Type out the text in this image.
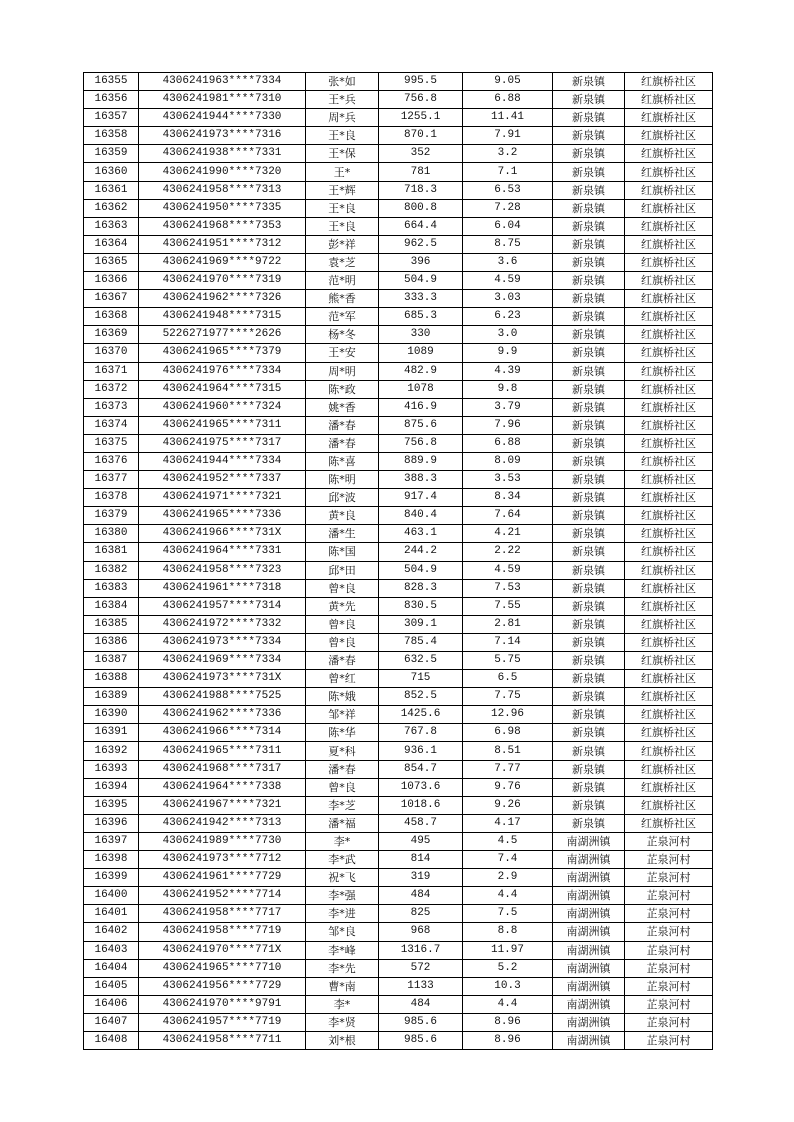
16355	4306241963****7334	张*如	995.5	9.05	新泉镇	红旗桥社区
16356	4306241981****7310	王*兵	756.8	6.88	新泉镇	红旗桥社区
16357	4306241944****7330	周*兵	1255.1	11.41	新泉镇	红旗桥社区
16358	4306241973****7316	王*良	870.1	7.91	新泉镇	红旗桥社区
16359	4306241938****7331	王*保	352	3.2	新泉镇	红旗桥社区
16360	4306241990****7320	王*	781	7.1	新泉镇	红旗桥社区
16361	4306241958****7313	王*辉	718.3	6.53	新泉镇	红旗桥社区
16362	4306241950****7335	王*良	800.8	7.28	新泉镇	红旗桥社区
16363	4306241968****7353	王*良	664.4	6.04	新泉镇	红旗桥社区
16364	4306241951****7312	彭*祥	962.5	8.75	新泉镇	红旗桥社区
16365	4306241969****9722	袁*芝	396	3.6	新泉镇	红旗桥社区
16366	4306241970****7319	范*明	504.9	4.59	新泉镇	红旗桥社区
16367	4306241962****7326	熊*香	333.3	3.03	新泉镇	红旗桥社区
16368	4306241948****7315	范*军	685.3	6.23	新泉镇	红旗桥社区
16369	5226271977****2626	杨*冬	330	3.0	新泉镇	红旗桥社区
16370	4306241965****7379	王*安	1089	9.9	新泉镇	红旗桥社区
16371	4306241976****7334	周*明	482.9	4.39	新泉镇	红旗桥社区
16372	4306241964****7315	陈*政	1078	9.8	新泉镇	红旗桥社区
16373	4306241960****7324	姚*香	416.9	3.79	新泉镇	红旗桥社区
16374	4306241965****7311	潘*春	875.6	7.96	新泉镇	红旗桥社区
16375	4306241975****7317	潘*春	756.8	6.88	新泉镇	红旗桥社区
16376	4306241944****7334	陈*喜	889.9	8.09	新泉镇	红旗桥社区
16377	4306241952****7337	陈*明	388.3	3.53	新泉镇	红旗桥社区
16378	4306241971****7321	邱*波	917.4	8.34	新泉镇	红旗桥社区
16379	4306241965****7336	黄*良	840.4	7.64	新泉镇	红旗桥社区
16380	4306241966****731X	潘*生	463.1	4.21	新泉镇	红旗桥社区
16381	4306241964****7331	陈*国	244.2	2.22	新泉镇	红旗桥社区
16382	4306241958****7323	邱*田	504.9	4.59	新泉镇	红旗桥社区
16383	4306241961****7318	曾*良	828.3	7.53	新泉镇	红旗桥社区
16384	4306241957****7314	黄*先	830.5	7.55	新泉镇	红旗桥社区
16385	4306241972****7332	曾*良	309.1	2.81	新泉镇	红旗桥社区
16386	4306241973****7334	曾*良	785.4	7.14	新泉镇	红旗桥社区
16387	4306241969****7334	潘*春	632.5	5.75	新泉镇	红旗桥社区
16388	4306241973****731X	曾*红	715	6.5	新泉镇	红旗桥社区
16389	4306241988****7525	陈*娥	852.5	7.75	新泉镇	红旗桥社区
16390	4306241962****7336	邹*祥	1425.6	12.96	新泉镇	红旗桥社区
16391	4306241966****7314	陈*华	767.8	6.98	新泉镇	红旗桥社区
16392	4306241965****7311	夏*科	936.1	8.51	新泉镇	红旗桥社区
16393	4306241968****7317	潘*春	854.7	7.77	新泉镇	红旗桥社区
16394	4306241964****7338	曾*良	1073.6	9.76	新泉镇	红旗桥社区
16395	4306241967****7321	李*芝	1018.6	9.26	新泉镇	红旗桥社区
16396	4306241942****7313	潘*福	458.7	4.17	新泉镇	红旗桥社区
16397	4306241989****7730	李*	495	4.5	南湖洲镇	芷泉河村
16398	4306241973****7712	李*武	814	7.4	南湖洲镇	芷泉河村
16399	4306241961****7729	祝*飞	319	2.9	南湖洲镇	芷泉河村
16400	4306241952****7714	李*强	484	4.4	南湖洲镇	芷泉河村
16401	4306241958****7717	李*进	825	7.5	南湖洲镇	芷泉河村
16402	4306241958****7719	邹*良	968	8.8	南湖洲镇	芷泉河村
16403	4306241970****771X	李*峰	1316.7	11.97	南湖洲镇	芷泉河村
16404	4306241965****7710	李*先	572	5.2	南湖洲镇	芷泉河村
16405	4306241956****7729	曹*南	1133	10.3	南湖洲镇	芷泉河村
16406	4306241970****9791	李*	484	4.4	南湖洲镇	芷泉河村
16407	4306241957****7719	李*贤	985.6	8.96	南湖洲镇	芷泉河村
16408	4306241958****7711	刘*根	985.6	8.96	南湖洲镇	芷泉河村
